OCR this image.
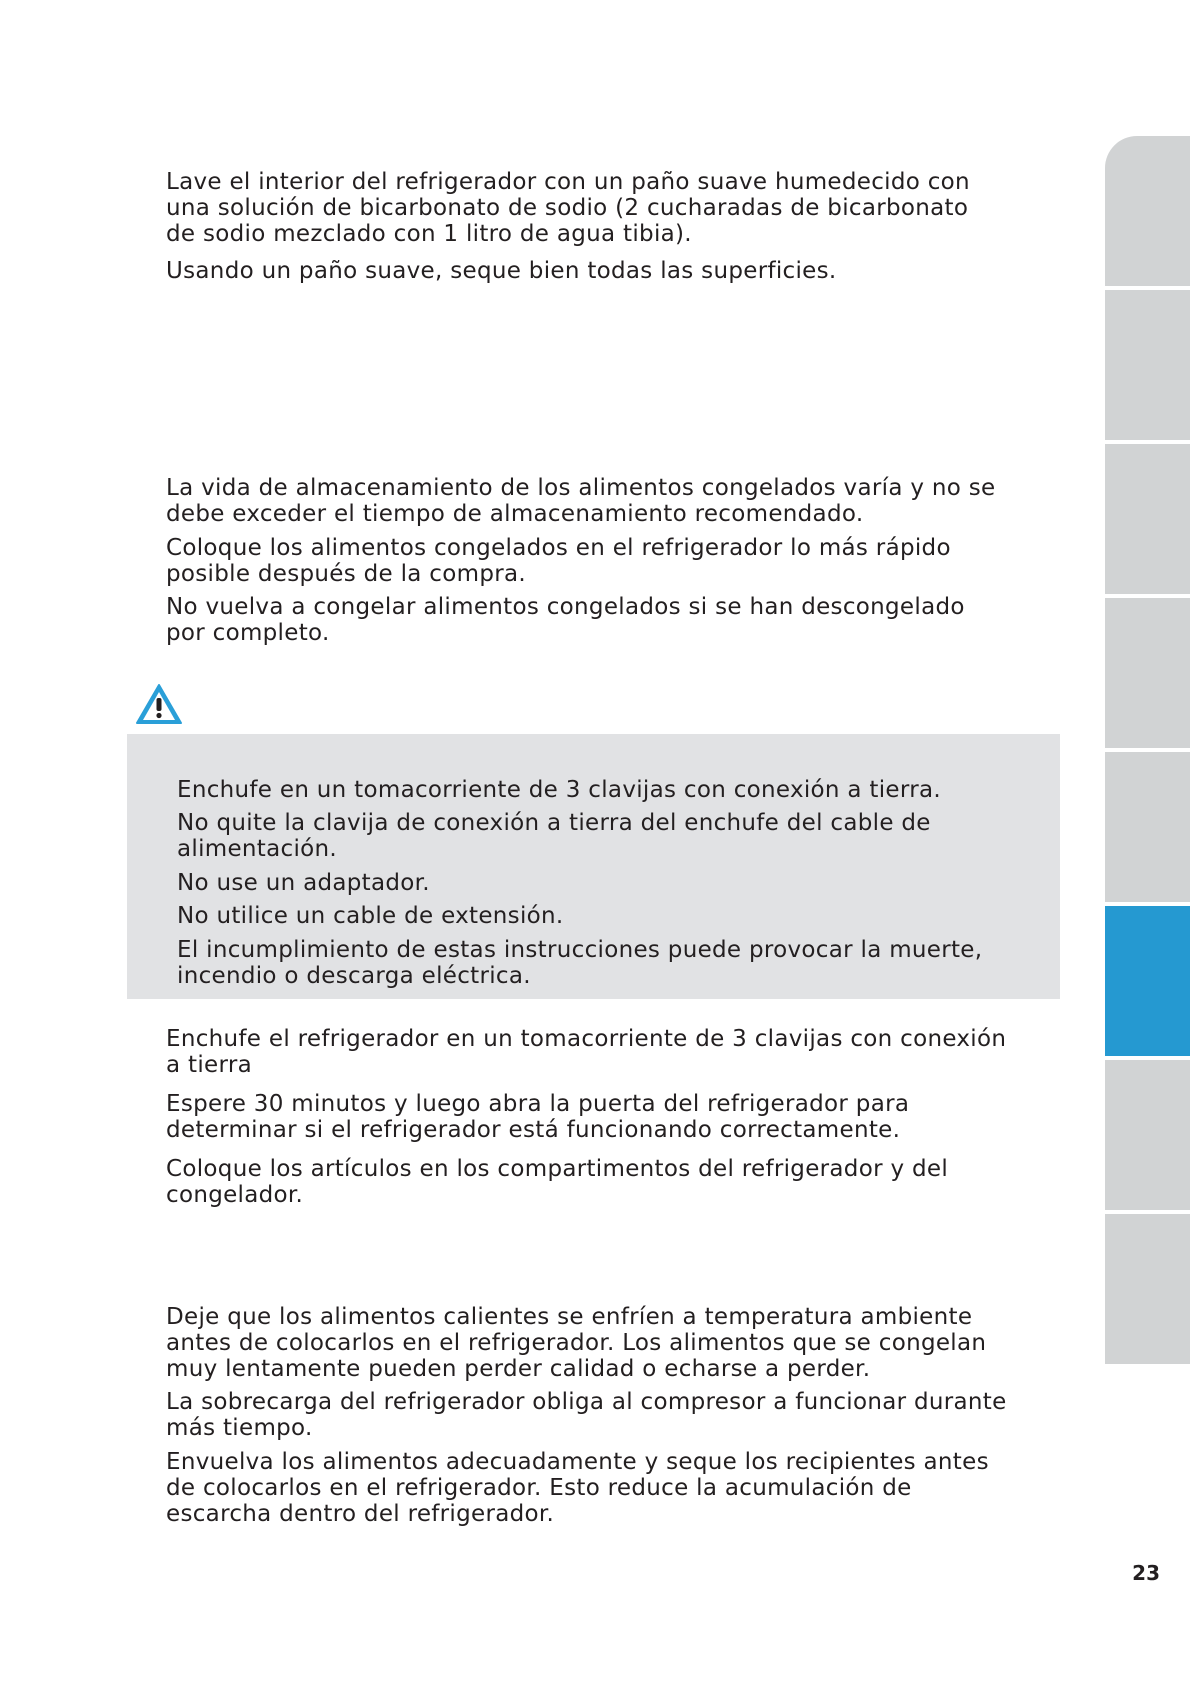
Lave el interior del refrigerador con un paño suave humedecido con
una solución de bicarbonato de sodio (2 cucharadas de bicarbonato
de sodio mezclado con 1 litro de agua tibia).

Usando un paño suave, seque bien todas las superficies.

La vida de almacenamiento de los alimentos congelados varía y no se
debe exceder el tiempo de almacenamiento recomendado.

Coloque los alimentos congelados en el refrigerador lo más rápido
posible después de la compra.

No vuelva a congelar alimentos congelados si se han descongelado
por completo.

Enchufe en un tomacorriente de 3 clavijas con conexión a tierra.

No quite la clavija de conexión a tierra del enchufe del cable de
alimentación.

No use un adaptador.

No utilice un cable de extensión.

El incumplimiento de estas instrucciones puede provocar la muerte,
incendio o descarga eléctrica.

Enchufe el refrigerador en un tomacorriente de 3 clavijas con conexión
a tierra

Espere 30 minutos y luego abra la puerta del refrigerador para
determinar si el refrigerador está funcionando correctamente.

Coloque los artículos en los compartimentos del refrigerador y del
congelador.

Deje que los alimentos calientes se enfríen a temperatura ambiente
antes de colocarlos en el refrigerador. Los alimentos que se congelan
muy lentamente pueden perder calidad o echarse a perder.

La sobrecarga del refrigerador obliga al compresor a funcionar durante
más tiempo.

Envuelva los alimentos adecuadamente y seque los recipientes antes
de colocarlos en el refrigerador. Esto reduce la acumulación de
escarcha dentro del refrigerador.

23
